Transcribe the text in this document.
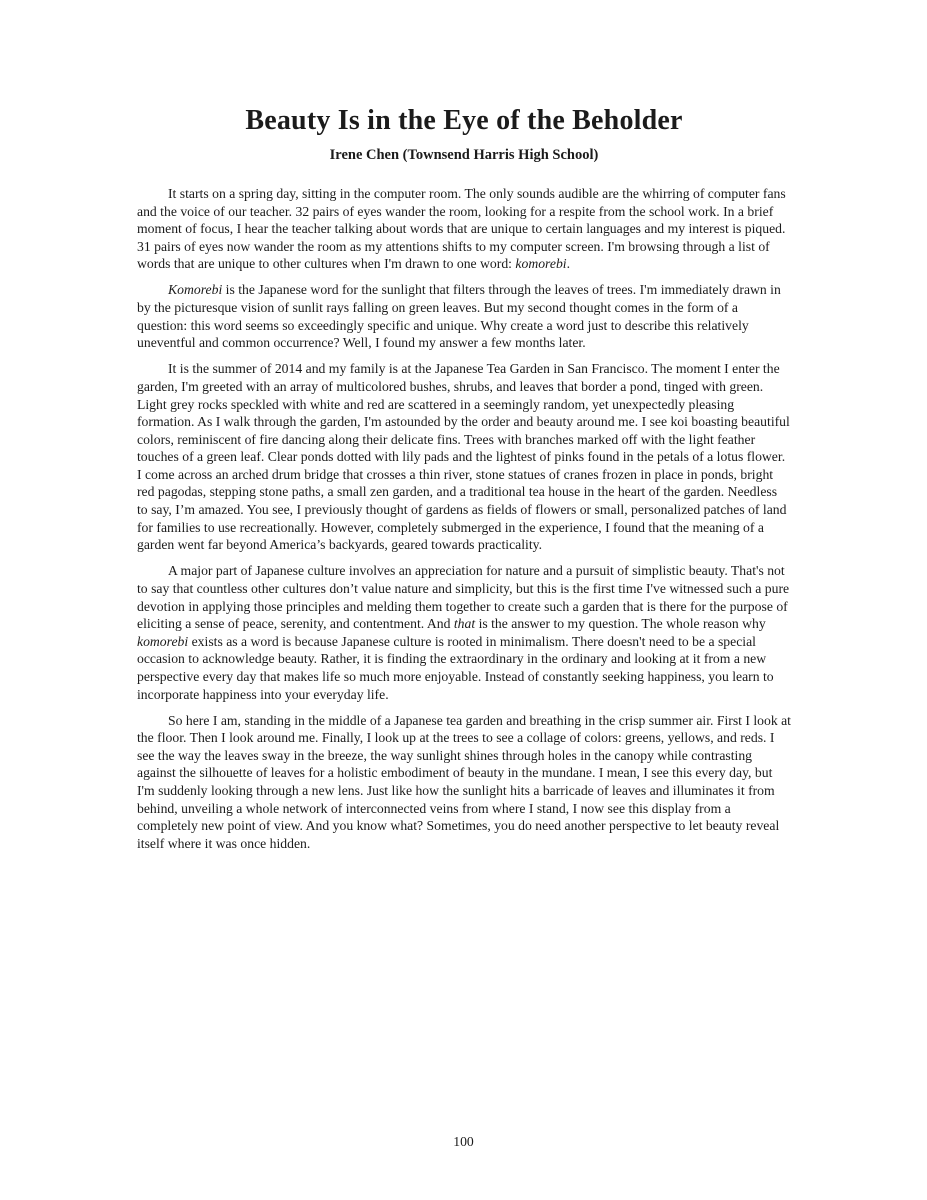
Beauty Is in the Eye of the Beholder
Irene Chen (Townsend Harris High School)

It starts on a spring day, sitting in the computer room. The only sounds audible are the whirring of computer fans and the voice of our teacher. 32 pairs of eyes wander the room, looking for a respite from the school work. In a brief moment of focus, I hear the teacher talking about words that are unique to certain languages and my interest is piqued. 31 pairs of eyes now wander the room as my attentions shifts to my computer screen. I'm browsing through a list of words that are unique to other cultures when I'm drawn to one word: komorebi.

Komorebi is the Japanese word for the sunlight that filters through the leaves of trees. I'm immediately drawn in by the picturesque vision of sunlit rays falling on green leaves. But my second thought comes in the form of a question: this word seems so exceedingly specific and unique. Why create a word just to describe this relatively uneventful and common occurrence? Well, I found my answer a few months later.

It is the summer of 2014 and my family is at the Japanese Tea Garden in San Francisco. The moment I enter the garden, I'm greeted with an array of multicolored bushes, shrubs, and leaves that border a pond, tinged with green. Light grey rocks speckled with white and red are scattered in a seemingly random, yet unexpectedly pleasing formation. As I walk through the garden, I'm astounded by the order and beauty around me. I see koi boasting beautiful colors, reminiscent of fire dancing along their delicate fins. Trees with branches marked off with the light feather touches of a green leaf. Clear ponds dotted with lily pads and the lightest of pinks found in the petals of a lotus flower. I come across an arched drum bridge that crosses a thin river, stone statues of cranes frozen in place in ponds, bright red pagodas, stepping stone paths, a small zen garden, and a traditional tea house in the heart of the garden. Needless to say, I’m amazed. You see, I previously thought of gardens as fields of flowers or small, personalized patches of land for families to use recreationally. However, completely submerged in the experience, I found that the meaning of a garden went far beyond America’s backyards, geared towards practicality.

A major part of Japanese culture involves an appreciation for nature and a pursuit of simplistic beauty. That's not to say that countless other cultures don’t value nature and simplicity, but this is the first time I've witnessed such a pure devotion in applying those principles and melding them together to create such a garden that is there for the purpose of eliciting a sense of peace, serenity, and contentment. And that is the answer to my question. The whole reason why komorebi exists as a word is because Japanese culture is rooted in minimalism. There doesn't need to be a special occasion to acknowledge beauty. Rather, it is finding the extraordinary in the ordinary and looking at it from a new perspective every day that makes life so much more enjoyable. Instead of constantly seeking happiness, you learn to incorporate happiness into your everyday life.

So here I am, standing in the middle of a Japanese tea garden and breathing in the crisp summer air. First I look at the floor. Then I look around me. Finally, I look up at the trees to see a collage of colors: greens, yellows, and reds. I see the way the leaves sway in the breeze, the way sunlight shines through holes in the canopy while contrasting against the silhouette of leaves for a holistic embodiment of beauty in the mundane. I mean, I see this every day, but I'm suddenly looking through a new lens. Just like how the sunlight hits a barricade of leaves and illuminates it from behind, unveiling a whole network of interconnected veins from where I stand, I now see this display from a completely new point of view. And you know what? Sometimes, you do need another perspective to let beauty reveal itself where it was once hidden.

100
